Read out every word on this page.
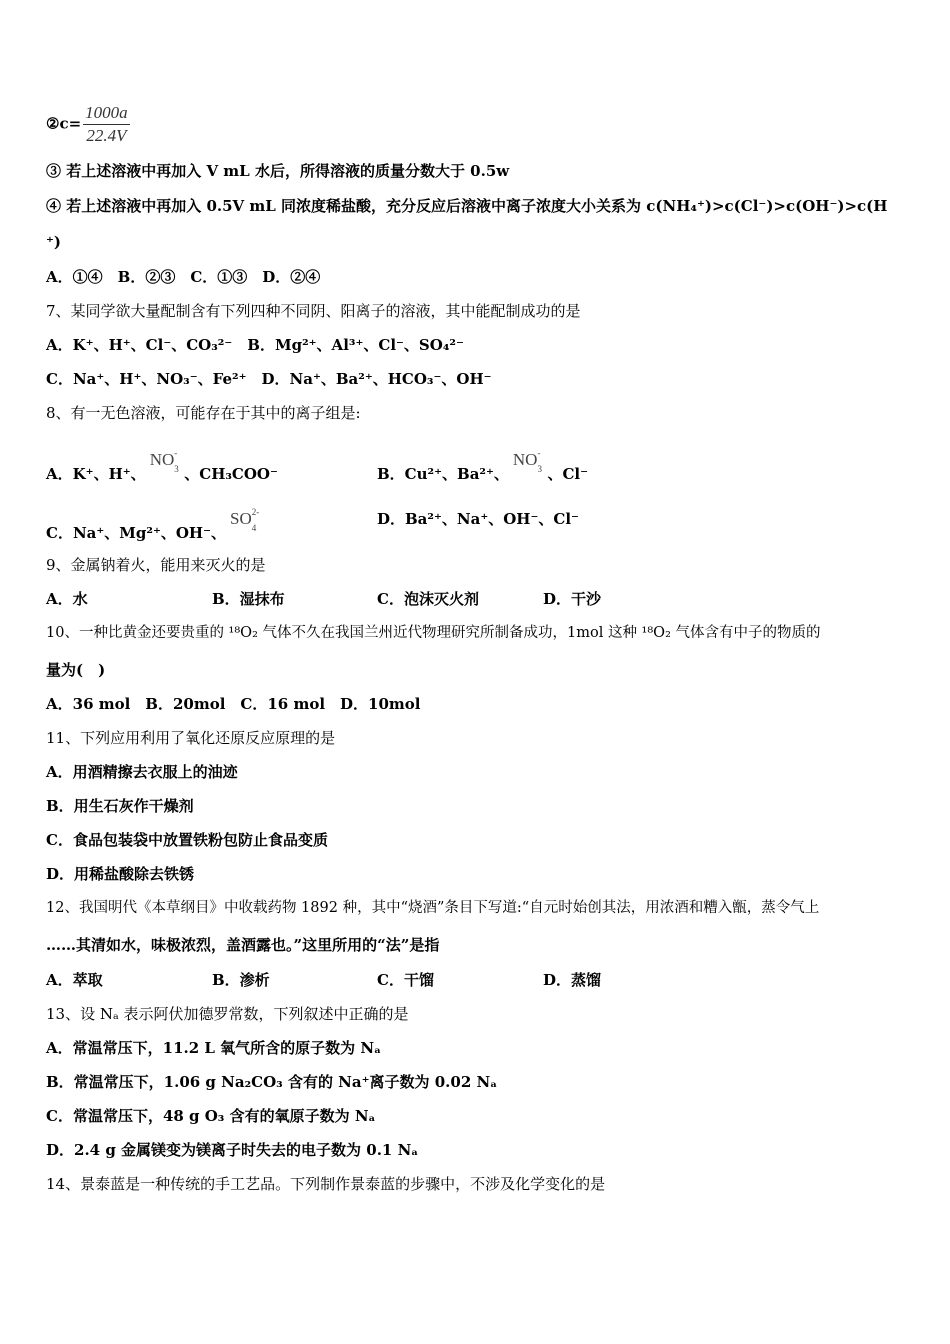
②c= $\frac{1000a}{22.4V}$
③ 若上述溶液中再加入 V mL 水后，所得溶液的质量分数大于 0.5w
④ 若上述溶液中再加入 0.5V mL 同浓度稀盐酸，充分反应后溶液中离子浓度大小关系为 c(NH₄⁺)>c(Cl⁻)>c(OH⁻)>c(H
⁺)
A．①④　B．②③　C．①③　D．②④
7、某同学欲大量配制含有下列四种不同阴、阳离子的溶液，其中能配制成功的是
A．K⁺、H⁺、Cl⁻、CO₃²⁻　B．Mg²⁺、Al³⁺、Cl⁻、SO₄²⁻
C．Na⁺、H⁺、NO₃⁻、Fe²⁺　D．Na⁺、Ba²⁺、HCO₃⁻、OH⁻
8、有一无色溶液，可能存在于其中的离子组是:
A．K⁺、H⁺、NO -
3 、CH₃COO⁻	B．Cu²⁺、Ba²⁺、NO -
3 、Cl⁻
C．Na⁺、Mg²⁺、OH⁻、SO 2-
4	D．Ba²⁺、Na⁺、OH⁻、Cl⁻
9、金属钠着火，能用来灭火的是
A．水	B．湿抹布	C．泡沫灭火剂	D．干沙
10、一种比黄金还要贵重的 ¹⁸O₂ 气体不久在我国兰州近代物理研究所制备成功，1mol 这种 ¹⁸O₂ 气体含有中子的物质的
量为(　)
A．36 mol　B．20mol　C．16 mol　D．10mol
11、下列应用利用了氧化还原反应原理的是
A．用酒精擦去衣服上的油迹
B．用生石灰作干燥剂
C．食品包装袋中放置铁粉包防止食品变质
D．用稀盐酸除去铁锈
12、我国明代《本草纲目》中收载药物 1892 种，其中“烧酒”条目下写道:“自元时始创其法，用浓酒和糟入甑，蒸令气上
……其清如水，味极浓烈，盖酒露也。”这里所用的“法”是指
A．萃取	B．渗析	C．干馏	D．蒸馏
13、设 Nₐ 表示阿伏加德罗常数，下列叙述中正确的是
A．常温常压下，11.2 L 氧气所含的原子数为 Nₐ
B．常温常压下，1.06 g Na₂CO₃ 含有的 Na⁺离子数为 0.02 Nₐ
C．常温常压下，48 g O₃ 含有的氧原子数为 Nₐ
D．2.4 g 金属镁变为镁离子时失去的电子数为 0.1 Nₐ
14、景泰蓝是一种传统的手工艺品。下列制作景泰蓝的步骤中，不涉及化学变化的是
